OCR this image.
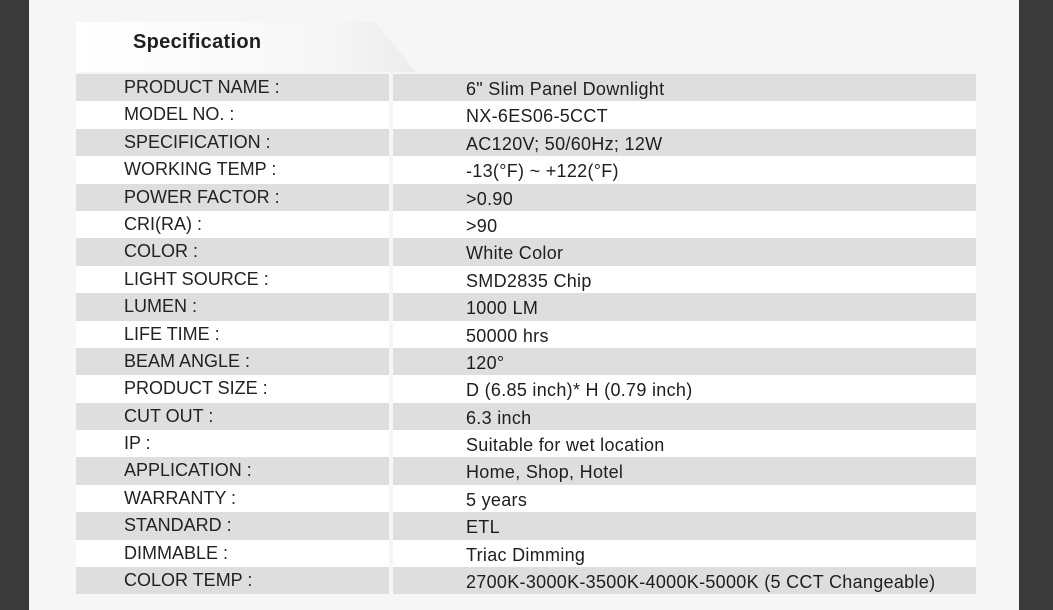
Specification
PRODUCT NAME :	6" Slim Panel Downlight
MODEL NO. :	NX-6ES06-5CCT
SPECIFICATION :	AC120V; 50/60Hz; 12W
WORKING TEMP :	-13(°F) ~ +122(°F)
POWER FACTOR :	>0.90
CRI(RA) :	>90
COLOR :	White Color
LIGHT SOURCE :	SMD2835 Chip
LUMEN :	1000 LM
LIFE TIME :	50000 hrs
BEAM ANGLE :	120°
PRODUCT SIZE :	D (6.85 inch)* H (0.79 inch)
CUT OUT :	6.3 inch
IP :	Suitable for wet location
APPLICATION :	Home, Shop, Hotel
WARRANTY :	5 years
STANDARD :	ETL
DIMMABLE :	Triac Dimming
COLOR TEMP :	2700K-3000K-3500K-4000K-5000K (5 CCT Changeable)
